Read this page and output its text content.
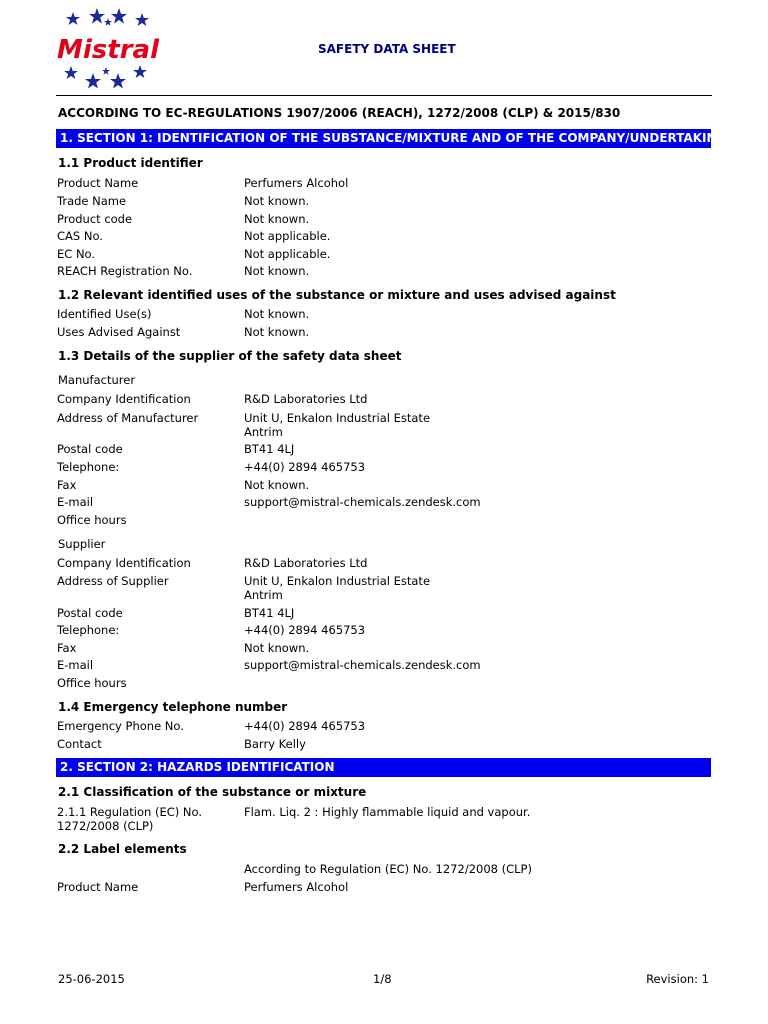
Mistral	SAFETY DATA SHEET
ACCORDING TO EC-REGULATIONS 1907/2006 (REACH), 1272/2008 (CLP) & 2015/830
1. SECTION 1: IDENTIFICATION OF THE SUBSTANCE/MIXTURE AND OF THE COMPANY/UNDERTAKING
1.1 Product identifier
Product Name	Perfumers Alcohol
Trade Name	Not known.
Product code	Not known.
CAS No.	Not applicable.
EC No.	Not applicable.
REACH Registration No.	Not known.
1.2 Relevant identified uses of the substance or mixture and uses advised against
Identified Use(s)	Not known.
Uses Advised Against	Not known.
1.3 Details of the supplier of the safety data sheet
Manufacturer
Company Identification	R&D Laboratories Ltd
Address of Manufacturer	Unit U, Enkalon Industrial Estate
Antrim
Postal code	BT41 4LJ
Telephone:	+44(0) 2894 465753
Fax	Not known.
E-mail	support@mistral-chemicals.zendesk.com
Office hours
Supplier
Company Identification	R&D Laboratories Ltd
Address of Supplier	Unit U, Enkalon Industrial Estate
Antrim
Postal code	BT41 4LJ
Telephone:	+44(0) 2894 465753
Fax	Not known.
E-mail	support@mistral-chemicals.zendesk.com
Office hours
1.4 Emergency telephone number
Emergency Phone No.	+44(0) 2894 465753
Contact	Barry Kelly
2. SECTION 2: HAZARDS IDENTIFICATION
2.1 Classification of the substance or mixture
2.1.1 Regulation (EC) No.
1272/2008 (CLP)
Flam. Liq. 2 : Highly flammable liquid and vapour.
2.2 Label elements
According to Regulation (EC) No. 1272/2008 (CLP)
Product Name	Perfumers Alcohol
25-06-2015	1/8	Revision: 1
